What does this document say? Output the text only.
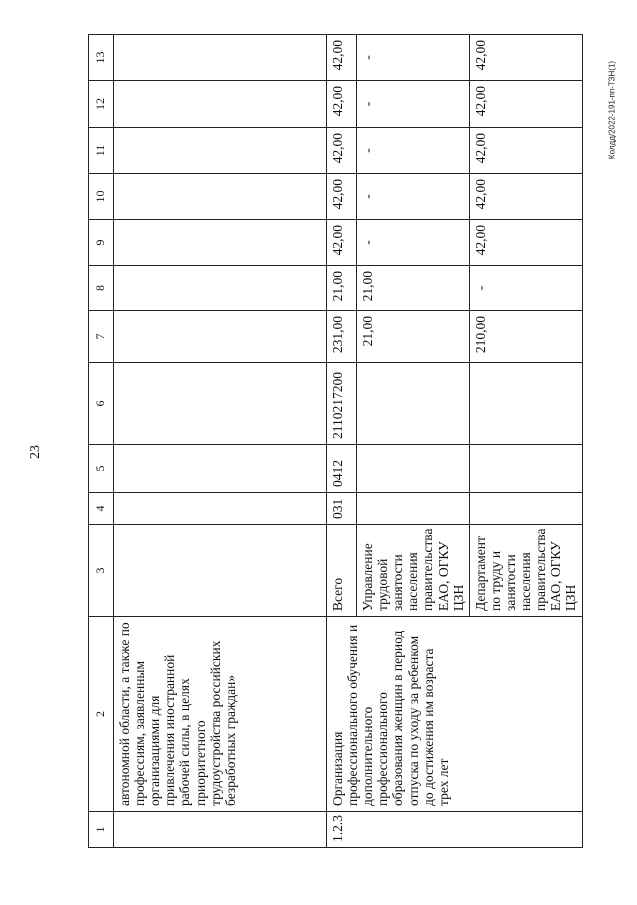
23
Колдд/2022-191-пп-ТЗН(1)
1	2	3	4	5	6	7	8	9	10	11	12	13
	автономной области, а также по профессиям, заявленным организациями для привлечения иностранной рабочей силы, в целях приоритетного трудоустройства российских безработных граждан»											
1.2.3	Организация профессионального обучения и дополнительного профессионального образования женщин в период отпуска по уходу за ребенком до достижения им возраста трех лет	Всего	031	0412	2110217200	231,00	21,00	42,00	42,00	42,00	42,00	42,00
		Управление трудовой занятости населения правительства ЕАО, ОГКУ ЦЗН				21,00	21,00	-	-	-	-	-
		Департамент по труду и занятости населения правительства ЕАО, ОГКУ ЦЗН				210,00	-	42,00	42,00	42,00	42,00	42,00
